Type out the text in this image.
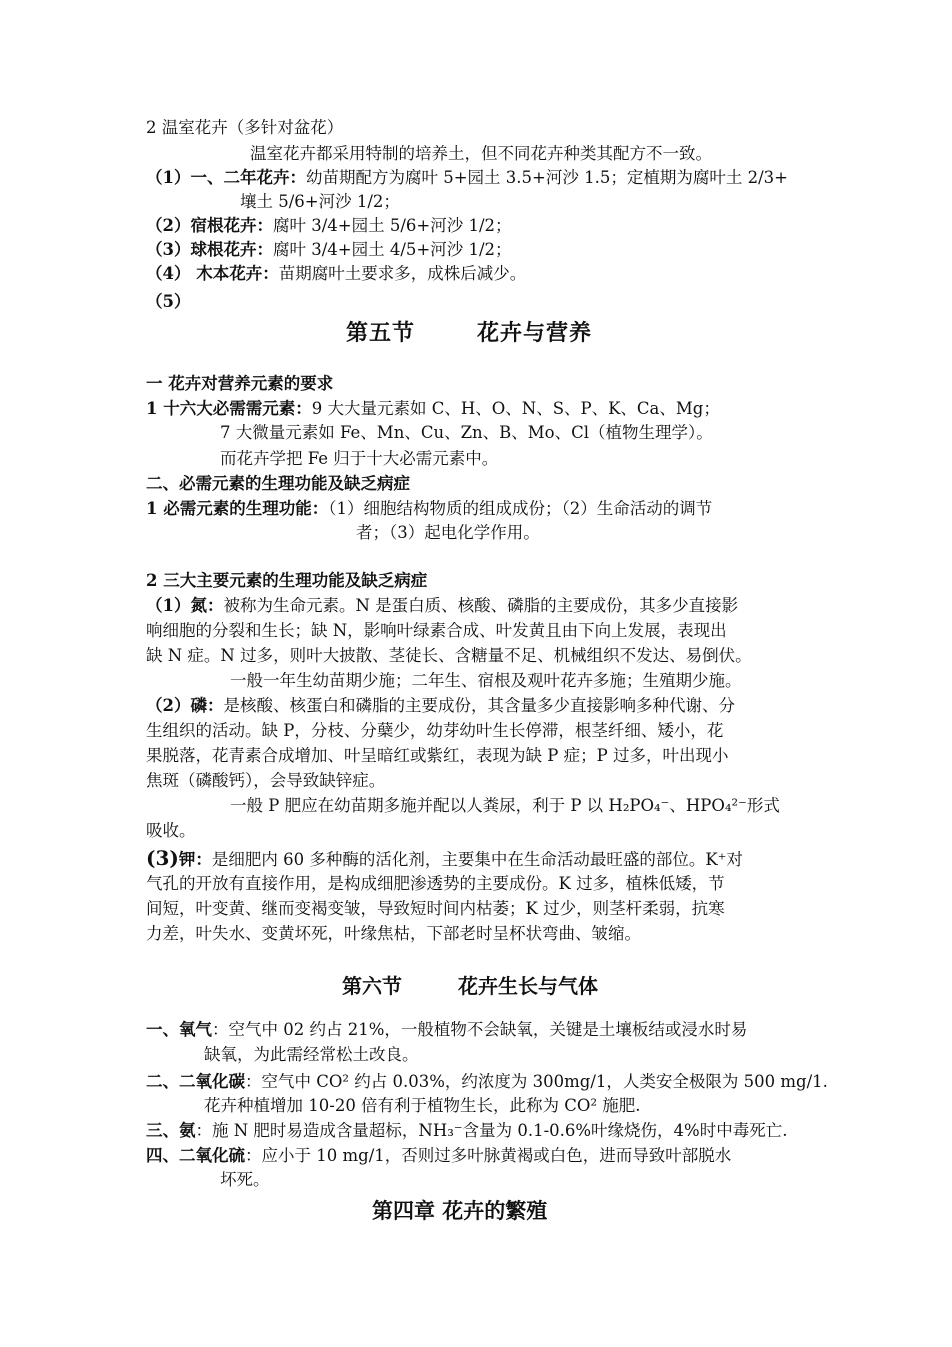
2 温室花卉（多针对盆花）
温室花卉都采用特制的培养土，但不同花卉种类其配方不一致。
（1）一、二年花卉：幼苗期配方为腐叶 5+园土 3.5+河沙 1.5；定植期为腐叶土 2/3+
壤土 5/6+河沙 1/2；
（2）宿根花卉：腐叶 3/4+园土 5/6+河沙 1/2；
（3）球根花卉：腐叶 3/4+园土 4/5+河沙 1/2；
（4） 木本花卉：苗期腐叶土要求多，成株后减少。
（5）
第五节	花卉与营养
一 花卉对营养元素的要求
1 十六大必需需元素：9 大大量元素如 C、H、O、N、S、P、K、Ca、Mg；
7 大微量元素如 Fe、Mn、Cu、Zn、B、Mo、Cl（植物生理学）。
而花卉学把 Fe 归于十大必需元素中。
二、必需元素的生理功能及缺乏病症
1 必需元素的生理功能：（1）细胞结构物质的组成成份；（2）生命活动的调节
者；（3）起电化学作用。
2 三大主要元素的生理功能及缺乏病症
（1）氮：被称为生命元素。N 是蛋白质、核酸、磷脂的主要成份，其多少直接影
响细胞的分裂和生长；缺 N，影响叶绿素合成、叶发黄且由下向上发展，表现出
缺 N 症。N 过多，则叶大披散、茎徒长、含糖量不足、机械组织不发达、易倒伏。
一般一年生幼苗期少施；二年生、宿根及观叶花卉多施；生殖期少施。
（2）磷：是核酸、核蛋白和磷脂的主要成份，其含量多少直接影响多种代谢、分
生组织的活动。缺 P，分枝、分蘖少，幼芽幼叶生长停滞，根茎纤细、矮小，花
果脱落，花青素合成增加、叶呈暗红或紫红，表现为缺 P 症；P 过多，叶出现小
焦斑（磷酸钙），会导致缺锌症。
一般 P 肥应在幼苗期多施并配以人粪尿，利于 P 以 H₂PO₄⁻、HPO₄²⁻形式
吸收。
(3)钾：是细肥内 60 多种酶的活化剂，主要集中在生命活动最旺盛的部位。K⁺对
气孔的开放有直接作用，是构成细肥渗透势的主要成份。K 过多，植株低矮，节
间短，叶变黄、继而变褐变皱，导致短时间内枯萎；K 过少，则茎杆柔弱，抗寒
力差，叶失水、变黄坏死，叶缘焦枯，下部老时呈杯状弯曲、皱缩。
第六节	花卉生长与气体
一、氧气：空气中 02 约占 21%，一般植物不会缺氧，关键是土壤板结或浸水时易
缺氧，为此需经常松土改良。
二、二氧化碳：空气中 CO² 约占 0.03%，约浓度为 300mg/1，人类安全极限为 500 mg/1.
花卉种植增加 10-20 倍有利于植物生长，此称为 CO² 施肥.
三、氨：施 N 肥时易造成含量超标，NH₃⁻含量为 0.1-0.6%叶缘烧伤，4%时中毒死亡.
四、二氧化硫：应小于 10 mg/1，否则过多叶脉黄褐或白色，进而导致叶部脱水
坏死。
第四章 花卉的繁殖
